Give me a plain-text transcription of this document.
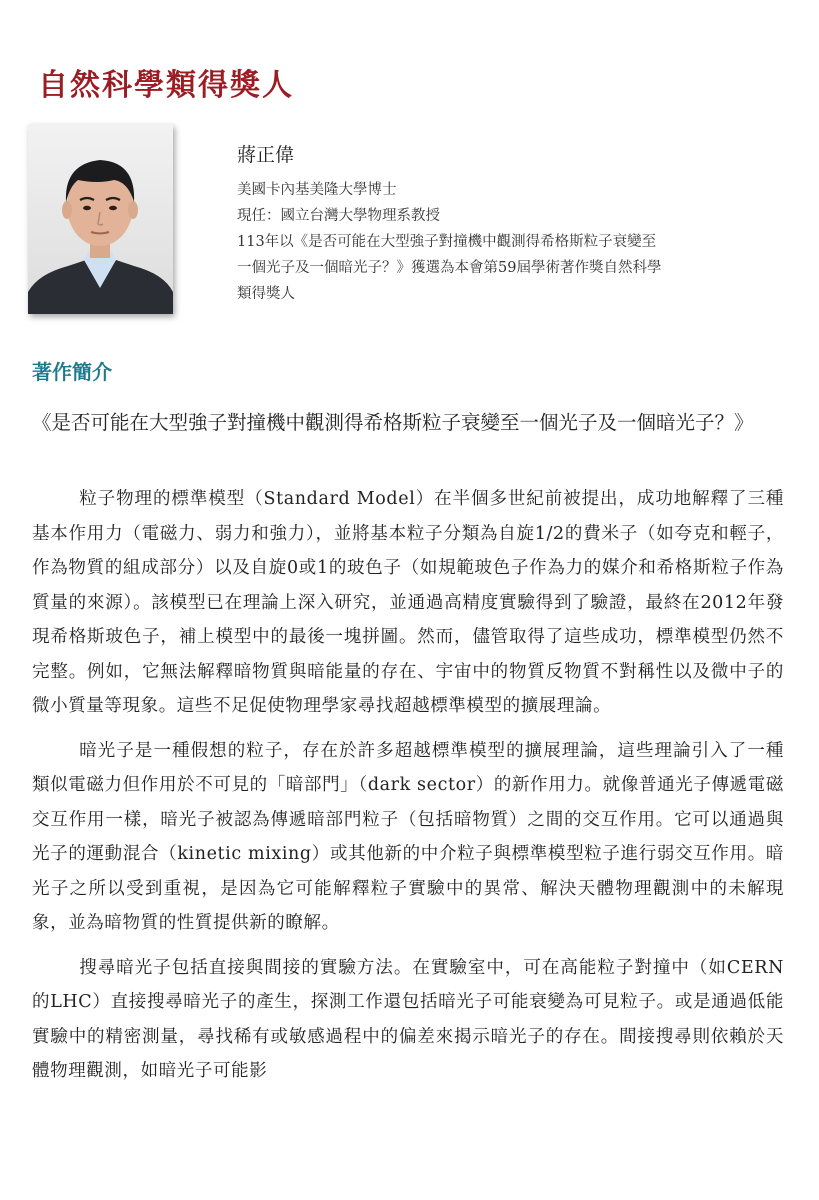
自然科學類得獎人

蔣正偉

美國卡內基美隆大學博士

現任：國立台灣大學物理系教授

113年以《是否可能在大型強子對撞機中觀測得希格斯粒子衰變至

一個光子及一個暗光子？》獲選為本會第59屆學術著作獎自然科學

類得獎人

著作簡介

《是否可能在大型強子對撞機中觀測得希格斯粒子衰變至一個光子及一個暗光子？》

粒子物理的標準模型（Standard Model）在半個多世紀前被提出，成功地解釋了三種基本作用力（電磁力、弱力和強力），並將基本粒子分類為自旋1/2的費米子（如夸克和輕子，作為物質的組成部分）以及自旋0或1的玻色子（如規範玻色子作為力的媒介和希格斯粒子作為質量的來源）。該模型已在理論上深入研究，並通過高精度實驗得到了驗證，最終在2012年發現希格斯玻色子，補上模型中的最後一塊拼圖。然而，儘管取得了這些成功，標準模型仍然不完整。例如，它無法解釋暗物質與暗能量的存在、宇宙中的物質反物質不對稱性以及微中子的微小質量等現象。這些不足促使物理學家尋找超越標準模型的擴展理論。

暗光子是一種假想的粒子，存在於許多超越標準模型的擴展理論，這些理論引入了一種類似電磁力但作用於不可見的「暗部門」（dark sector）的新作用力。就像普通光子傳遞電磁交互作用一樣，暗光子被認為傳遞暗部門粒子（包括暗物質）之間的交互作用。它可以通過與光子的運動混合（kinetic mixing）或其他新的中介粒子與標準模型粒子進行弱交互作用。暗光子之所以受到重視，是因為它可能解釋粒子實驗中的異常、解決天體物理觀測中的未解現象，並為暗物質的性質提供新的瞭解。

搜尋暗光子包括直接與間接的實驗方法。在實驗室中，可在高能粒子對撞中（如CERN的LHC）直接搜尋暗光子的產生，探測工作還包括暗光子可能衰變為可見粒子。或是通過低能實驗中的精密測量，尋找稀有或敏感過程中的偏差來揭示暗光子的存在。間接搜尋則依賴於天體物理觀測，如暗光子可能影
